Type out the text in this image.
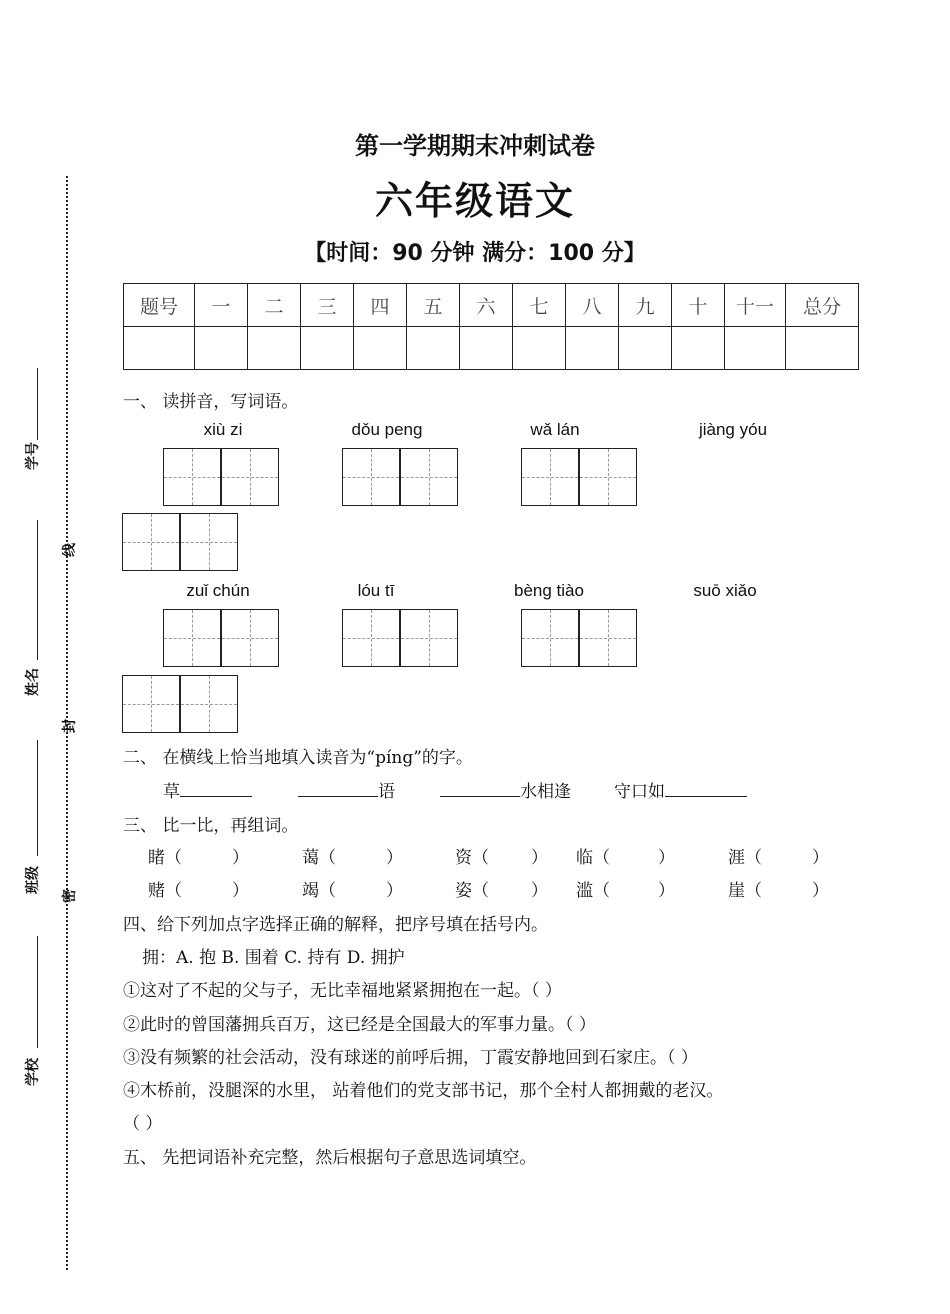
第一学期期末冲刺试卷
六年级语文
【时间：90 分钟 满分：100 分】
学号
线
姓名
封
班级
密
学校
题号	一	二	三	四	五	六	七	八	九	十	十一	总分

一、 读拼音，写词语。
xiù zi	dǒu peng	wǎ lán	jiàng yóu
zuǐ chún	lóu tī	bèng tiào	suō xiǎo
二、 在横线上恰当地填入读音为“píng”的字。
草	语	水相逢	守口如
三、 比一比，再组词。
睹（	）	蔼（	）	资（ ） 临（	）	涯（	）
赌（	）	竭（	）	姿（ ） 滥（	）	崖（	）
四、给下列加点字选择正确的解释，把序号填在括号内。
拥：A. 抱 B. 围着 C. 持有 D. 拥护
①这对了不起的父与子，无比幸福地紧紧拥抱在一起。（ ）
②此时的曾国藩拥兵百万，这已经是全国最大的军事力量。（ ）
③没有频繁的社会活动，没有球迷的前呼后拥，丁霞安静地回到石家庄。（ ）
④木桥前，没腿深的水里， 站着他们的党支部书记，那个全村人都拥戴的老汉。
（ ）
五、 先把词语补充完整，然后根据句子意思选词填空。
